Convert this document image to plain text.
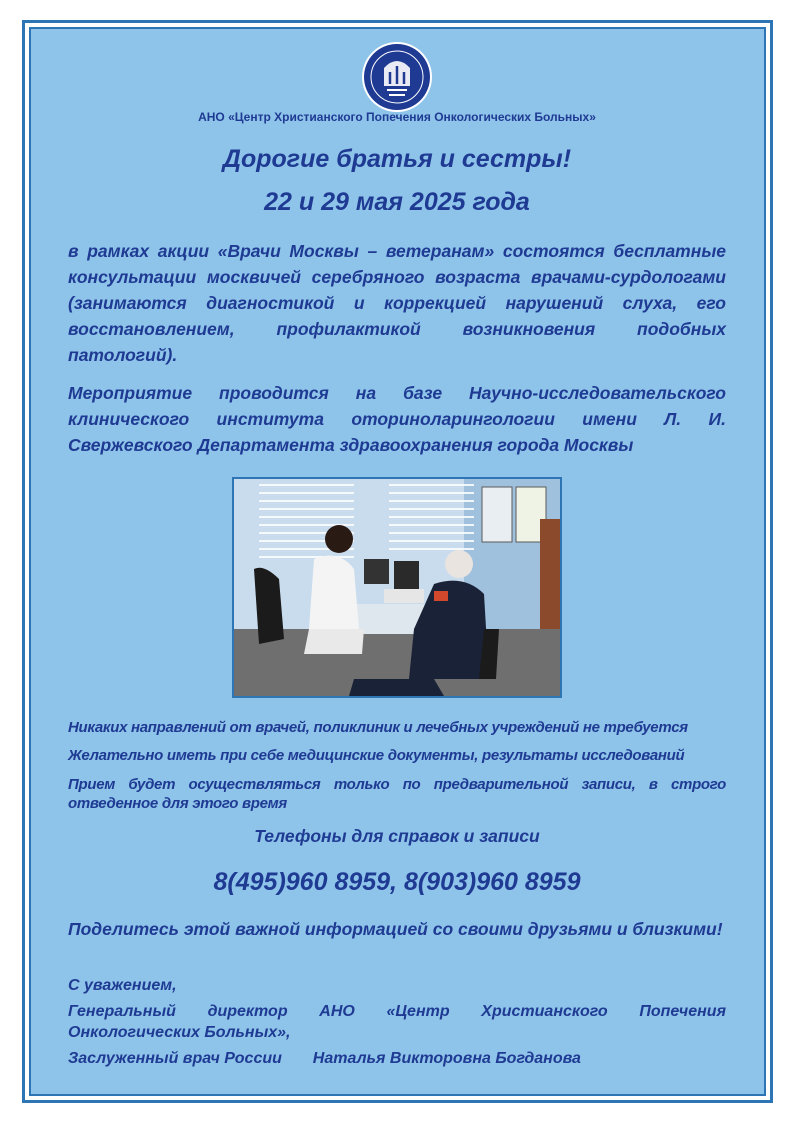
АНО «Центр Христианского Попечения Онкологических Больных»
Дорогие братья и сестры!
22 и 29 мая 2025 года
в рамках акции «Врачи Москвы – ветеранам» состоятся бесплатные консультации москвичей серебряного возраста врачами-сурдологами (занимаются диагностикой и коррекцией нарушений слуха, его восстановлением, профилактикой возникновения подобных патологий).
Мероприятие проводится на базе Научно-исследовательского клинического института оториноларингологии имени Л. И. Свержевского Департамента здравоохранения города Москвы
Никаких направлений от врачей, поликлиник и лечебных учреждений не требуется
Желательно иметь при себе медицинские документы, результаты исследований
Прием будет осуществляться только по предварительной записи, в строго отведенное для этого время
Телефоны для справок и записи
8(495)960 8959, 8(903)960 8959
Поделитесь этой важной информацией со своими друзьями и близкими!
С уважением,
Генеральный директор АНО «Центр Христианского Попечения Онкологических Больных»,
Заслуженный врач России Наталья Викторовна Богданова
